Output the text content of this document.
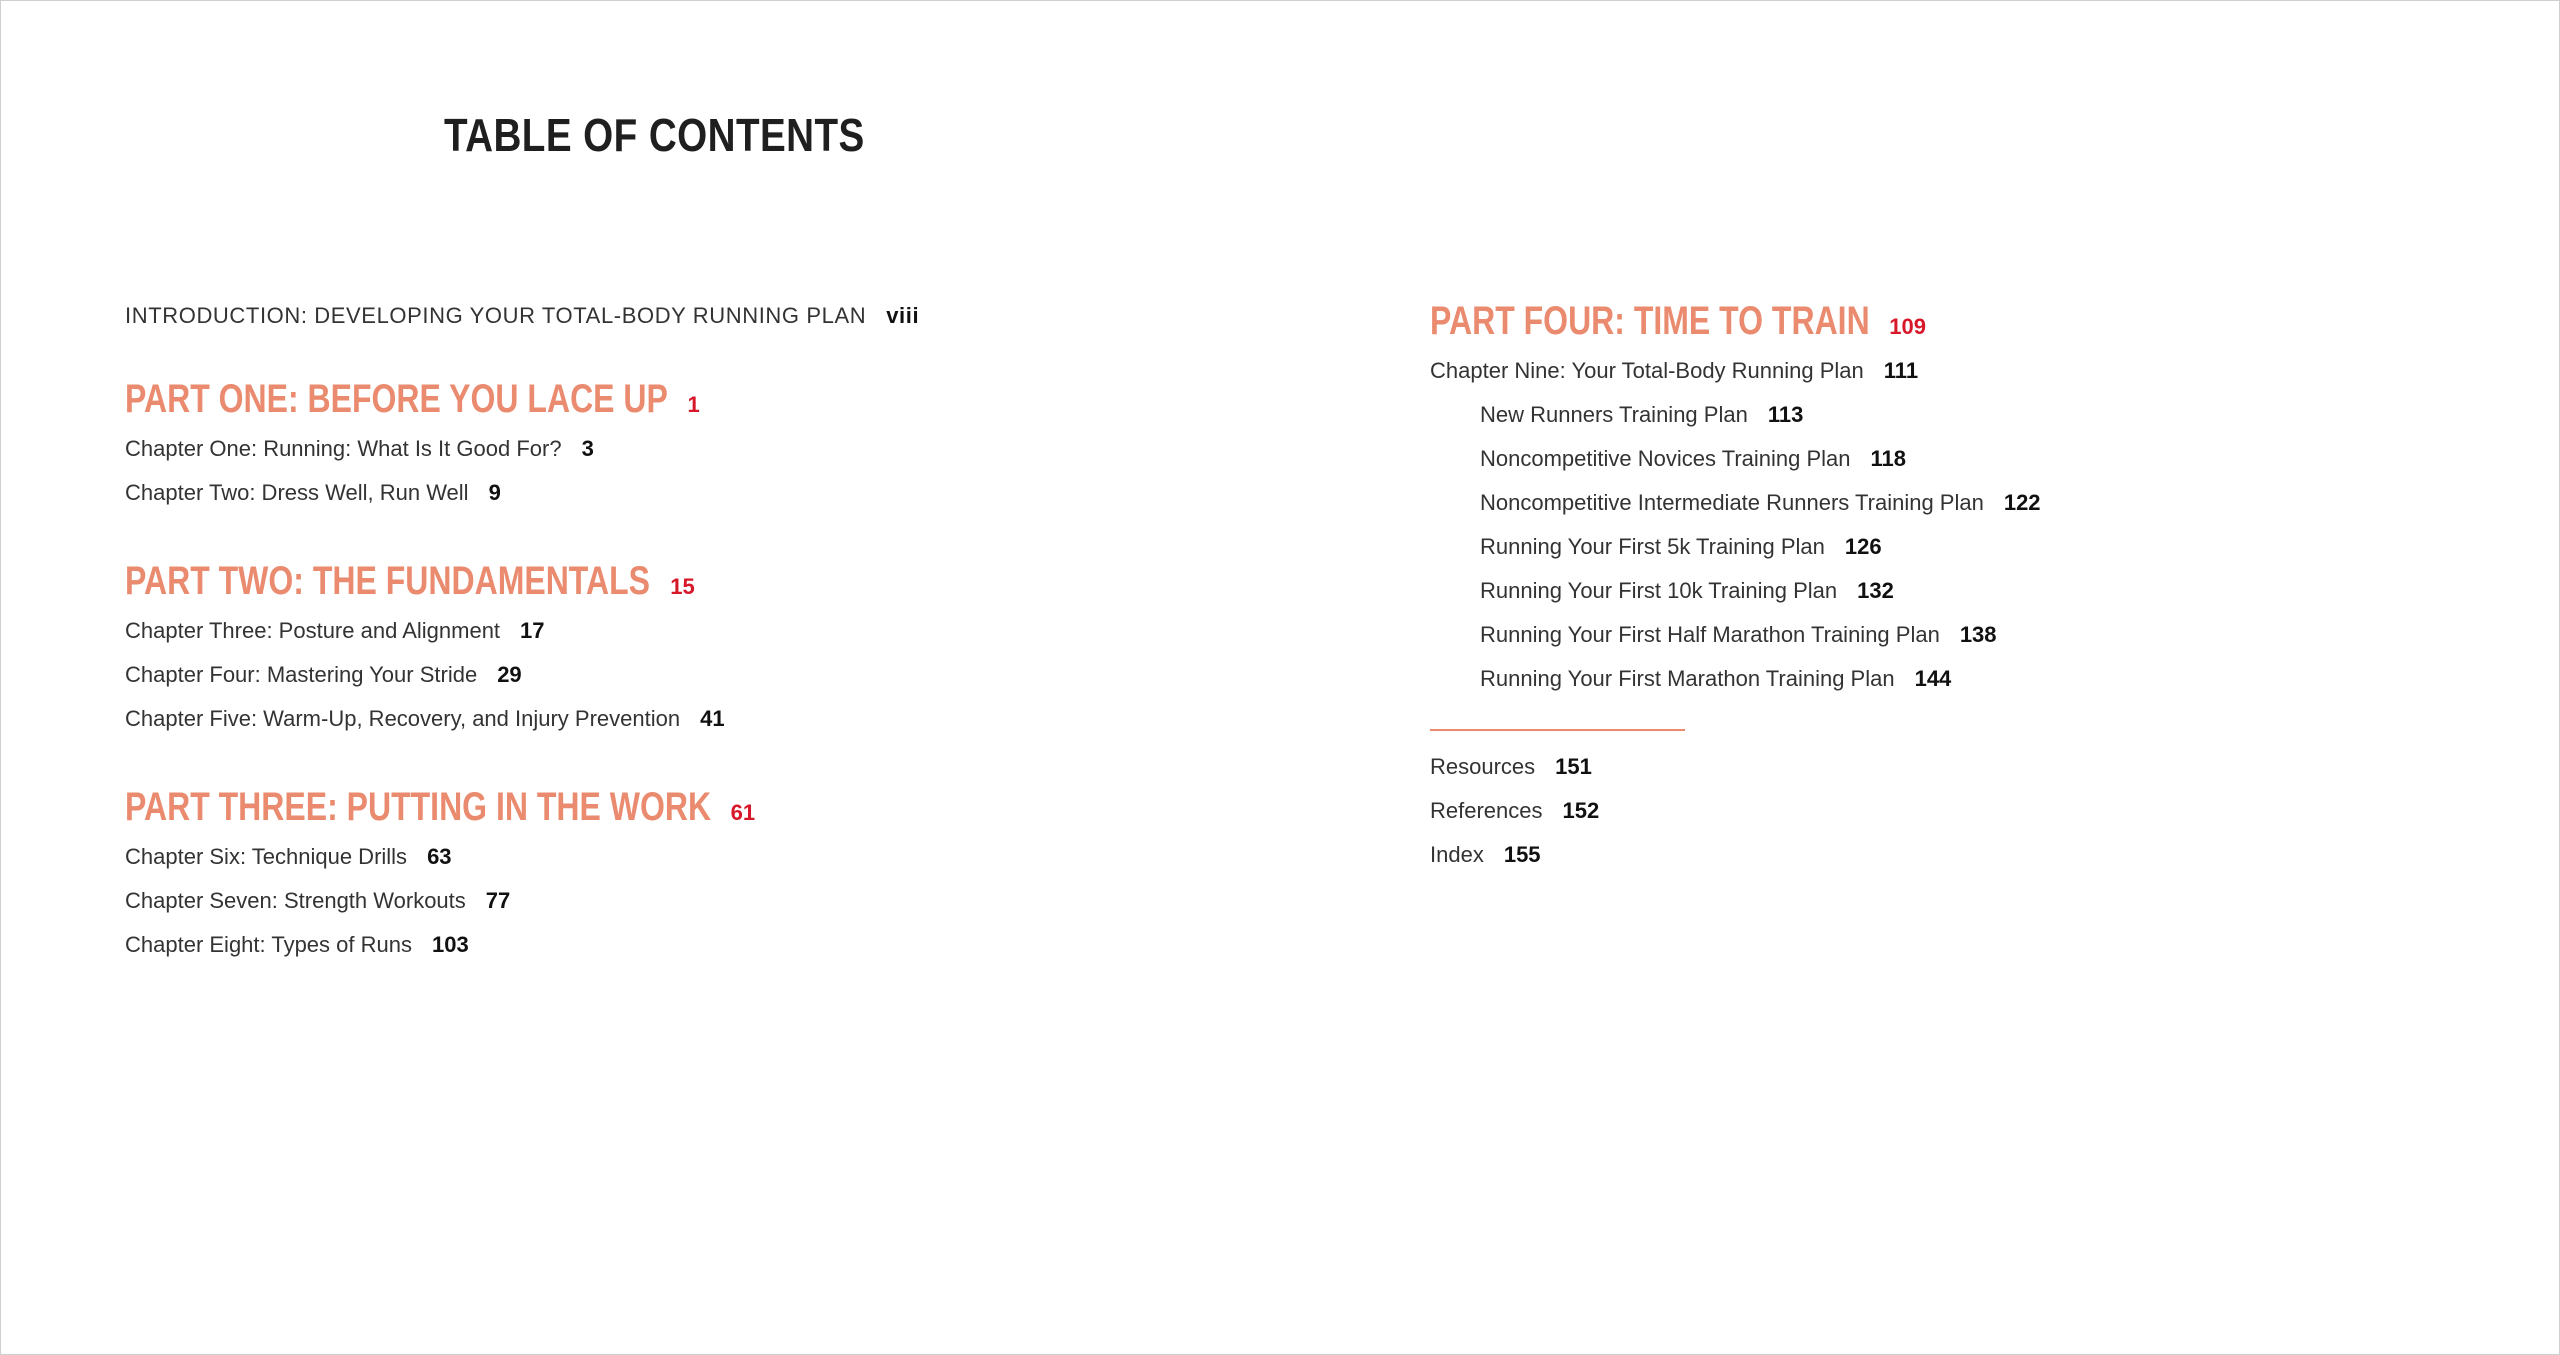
TABLE OF CONTENTS
INTRODUCTION: DEVELOPING YOUR TOTAL-BODY RUNNING PLAN viii
PART ONE: BEFORE YOU LACE UP 1
Chapter One: Running: What Is It Good For? 3
Chapter Two: Dress Well, Run Well 9
PART TWO: THE FUNDAMENTALS 15
Chapter Three: Posture and Alignment 17
Chapter Four: Mastering Your Stride 29
Chapter Five: Warm-Up, Recovery, and Injury Prevention 41
PART THREE: PUTTING IN THE WORK 61
Chapter Six: Technique Drills 63
Chapter Seven: Strength Workouts 77
Chapter Eight: Types of Runs 103
PART FOUR: TIME TO TRAIN 109
Chapter Nine: Your Total-Body Running Plan 111
New Runners Training Plan 113
Noncompetitive Novices Training Plan 118
Noncompetitive Intermediate Runners Training Plan 122
Running Your First 5k Training Plan 126
Running Your First 10k Training Plan 132
Running Your First Half Marathon Training Plan 138
Running Your First Marathon Training Plan 144
Resources 151
References 152
Index 155
